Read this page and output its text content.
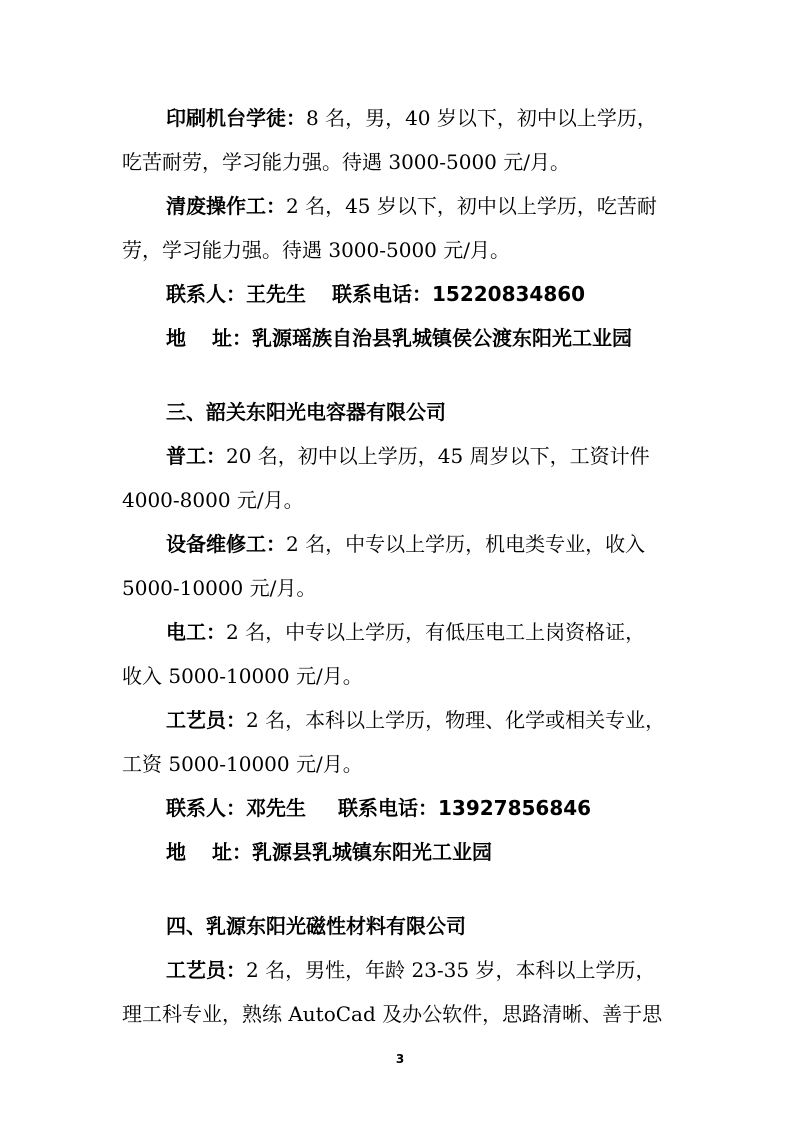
印刷机台学徒：8 名，男，40 岁以下，初中以上学历，
吃苦耐劳，学习能力强。待遇 3000-5000 元/月。
清废操作工：2 名，45 岁以下，初中以上学历，吃苦耐
劳，学习能力强。待遇 3000-5000 元/月。
联系人：王先生 联系电话：15220834860
地 址：乳源瑶族自治县乳城镇侯公渡东阳光工业园
三、韶关东阳光电容器有限公司
普工：20 名，初中以上学历，45 周岁以下，工资计件
4000-8000 元/月。
设备维修工：2 名，中专以上学历，机电类专业，收入
5000-10000 元/月。
电工：2 名，中专以上学历，有低压电工上岗资格证，
收入 5000-10000 元/月。
工艺员：2 名，本科以上学历，物理、化学或相关专业，
工资 5000-10000 元/月。
联系人：邓先生 联系电话：13927856846
地 址：乳源县乳城镇东阳光工业园
四、乳源东阳光磁性材料有限公司
工艺员：2 名，男性，年龄 23-35 岁，本科以上学历，
理工科专业，熟练 AutoCad 及办公软件，思路清晰、善于思
3
